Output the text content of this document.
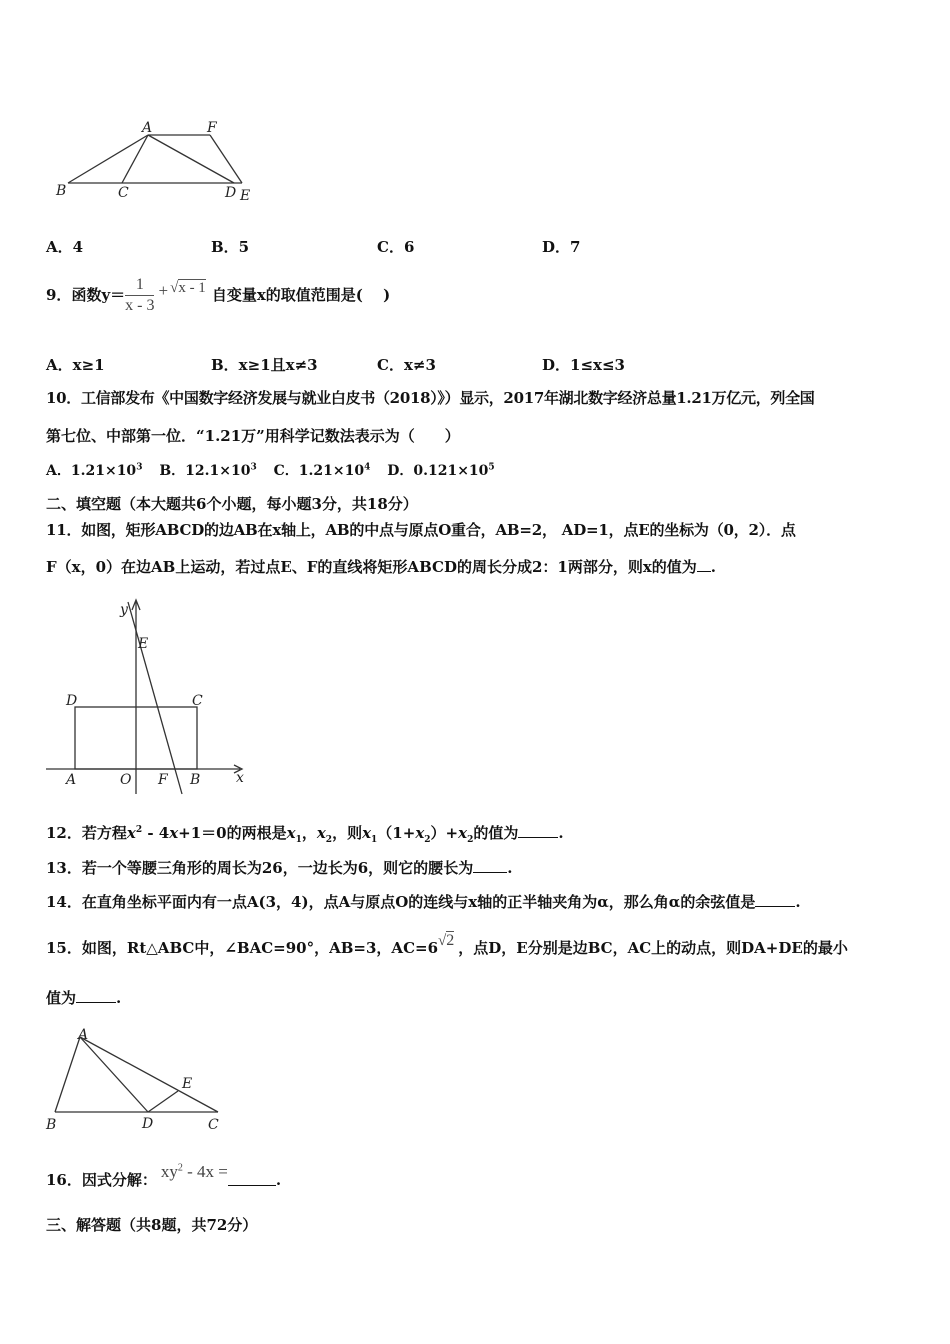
A	F
B	C	D E
A．4	B．5	C．6	D．7
9． 函数$y= \frac{1}{x - 3} + √x - 1$ 自变量x的取值范围是(　 )
A．x≥1	B．x≥1且x≠3	C．x≠3	D．1≤x≤3
10．工信部发布《中国数字经济发展与就业白皮书（2018）》）显示，2017年湖北数字经济总量1.21万亿元，列全国
第七位、中部第一位．“1.21万”用科学记数法表示为（　　）
A．$1.21\times 10^3$ B．$12.1\times 10^3$ C．$1.21\times 10^4$ D．$0.121\times 10^5$
二、填空题（本大题共6个小题，每小题3分，共18分）
11．如图，矩形ABCD的边AB在x轴上，AB的中点与原点O重合，AB=2， AD=1，点E的坐标为（0，2）．点
F（x，0）在边AB上运动，若过点E、F的直线将矩形ABCD的周长分成2：1两部分，则x的值为 .
y
E
D	C
A	O F B	x
12．若方程$x^2 - 4x+1=0$的两根是$x_1$，$x_2$，则$x_1(1+x_2)+x_2$的值为	.
13．若一个等腰三角形的周长为26，一边长为6，则它的腰长为 .
14．在直角坐标平面内有一点A(3，4)，点A与原点O的连线与x轴的正半轴夹角为α，那么角α的余弦值是	.
15．如图，Rt△ABC中，∠BAC=90°，AB=3，AC=6√2 ，点D，E分别是边BC，AC上的动点，则DA+DE的最小
值为	.
A
B	D	C
E
16．因式分解： $xy^2 - 4x$ =	.
三、解答题（共8题，共72分）
